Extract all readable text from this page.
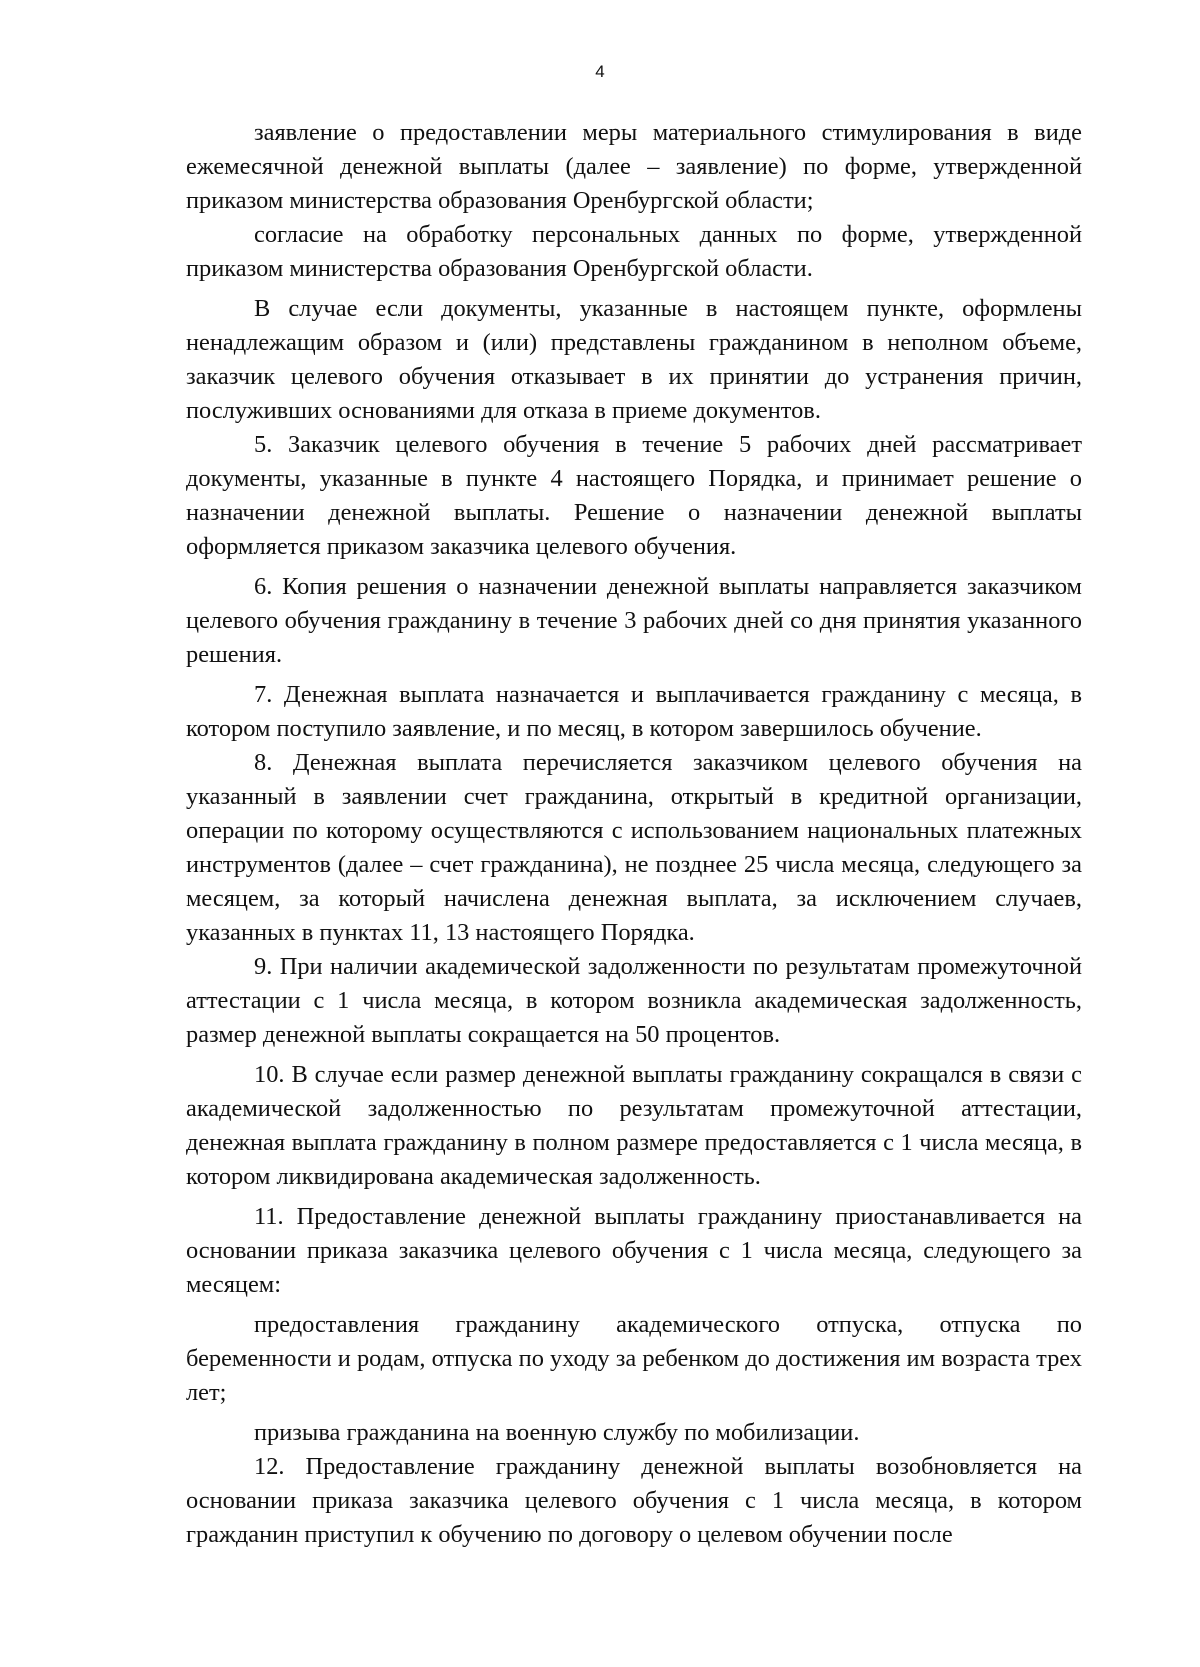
4

заявление о предоставлении меры материального стимулирования в виде ежемесячной денежной выплаты (далее – заявление) по форме, утвержденной приказом министерства образования Оренбургской области;

согласие на обработку персональных данных по форме, утвержденной приказом министерства образования Оренбургской области.

В случае если документы, указанные в настоящем пункте, оформлены ненадлежащим образом и (или) представлены гражданином в неполном объеме, заказчик целевого обучения отказывает в их принятии до устранения причин, послуживших основаниями для отказа в приеме документов.

5. Заказчик целевого обучения в течение 5 рабочих дней рассматривает документы, указанные в пункте 4 настоящего Порядка, и принимает решение о назначении денежной выплаты. Решение о назначении денежной выплаты оформляется приказом заказчика целевого обучения.

6. Копия решения о назначении денежной выплаты направляется заказчиком целевого обучения гражданину в течение 3 рабочих дней со дня принятия указанного решения.

7. Денежная выплата назначается и выплачивается гражданину с месяца, в котором поступило заявление, и по месяц, в котором завершилось обучение.

8. Денежная выплата перечисляется заказчиком целевого обучения на указанный в заявлении счет гражданина, открытый в кредитной организации, операции по которому осуществляются с использованием национальных платежных инструментов (далее – счет гражданина), не позднее 25 числа месяца, следующего за месяцем, за который начислена денежная выплата, за исключением случаев, указанных в пунктах 11, 13 настоящего Порядка.

9. При наличии академической задолженности по результатам промежуточной аттестации с 1 числа месяца, в котором возникла академическая задолженность, размер денежной выплаты сокращается на 50 процентов.

10. В случае если размер денежной выплаты гражданину сокращался в связи с академической задолженностью по результатам промежуточной аттестации, денежная выплата гражданину в полном размере предоставляется с 1 числа месяца, в котором ликвидирована академическая задолженность.

11. Предоставление денежной выплаты гражданину приостанавливается на основании приказа заказчика целевого обучения с 1 числа месяца, следующего за месяцем:

предоставления гражданину академического отпуска, отпуска по беременности и родам, отпуска по уходу за ребенком до достижения им возраста трех лет;

призыва гражданина на военную службу по мобилизации.

12. Предоставление гражданину денежной выплаты возобновляется на основании приказа заказчика целевого обучения с 1 числа месяца, в котором гражданин приступил к обучению по договору о целевом обучении после
